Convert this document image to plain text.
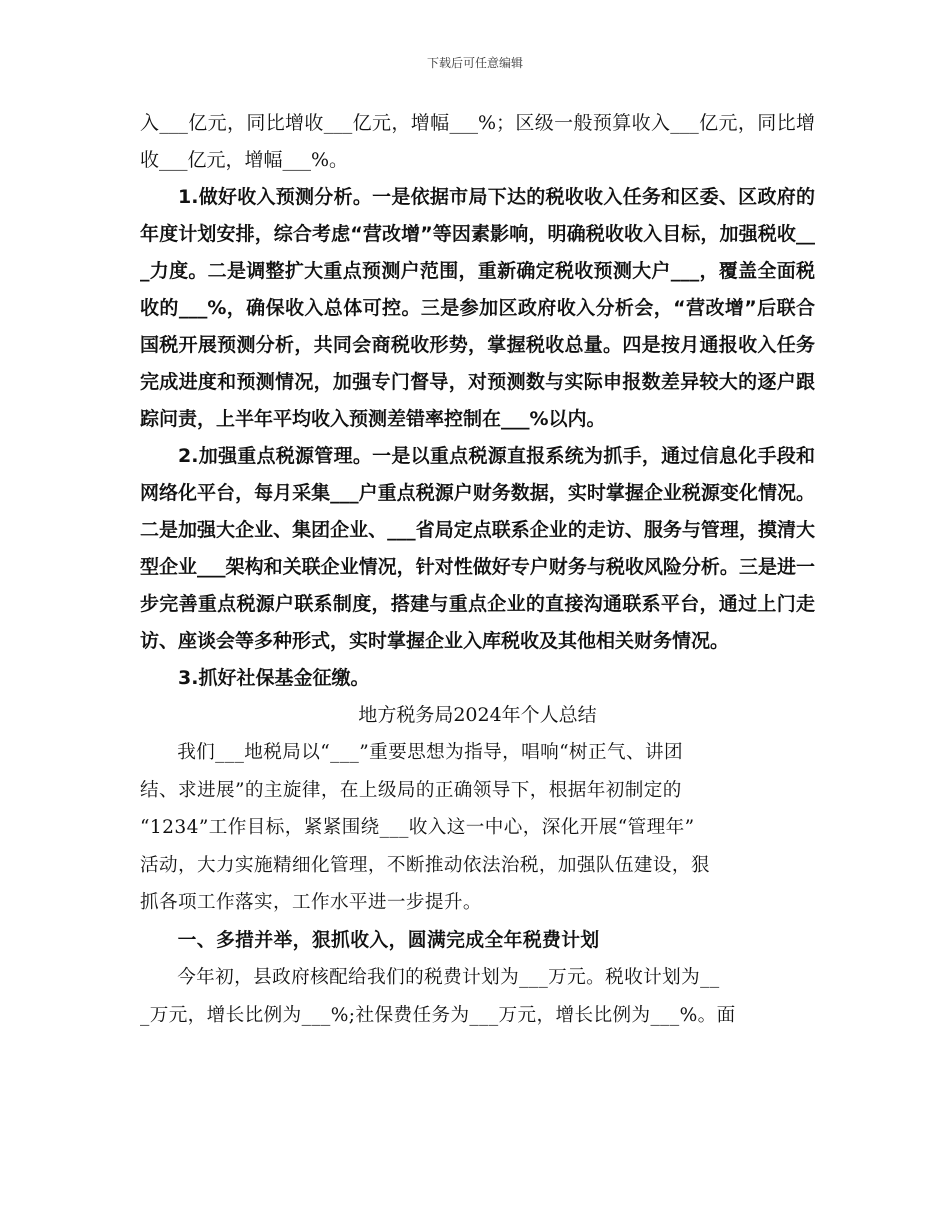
下载后可任意编辑

入___亿元，同比增收___亿元，增幅___%；区级一般预算收入___亿元，同比增收___亿元，增幅___%。

1.做好收入预测分析。一是依据市局下达的税收收入任务和区委、区政府的年度计划安排，综合考虑“营改增”等因素影响，明确税收收入目标，加强税收___力度。二是调整扩大重点预测户范围，重新确定税收预测大户___，覆盖全面税收的___%，确保收入总体可控。三是参加区政府收入分析会，“营改增”后联合国税开展预测分析，共同会商税收形势，掌握税收总量。四是按月通报收入任务完成进度和预测情况，加强专门督导，对预测数与实际申报数差异较大的逐户跟踪问责，上半年平均收入预测差错率控制在___%以内。

2.加强重点税源管理。一是以重点税源直报系统为抓手，通过信息化手段和网络化平台，每月采集___户重点税源户财务数据，实时掌握企业税源变化情况。二是加强大企业、集团企业、___省局定点联系企业的走访、服务与管理，摸清大型企业___架构和关联企业情况，针对性做好专户财务与税收风险分析。三是进一步完善重点税源户联系制度，搭建与重点企业的直接沟通联系平台，通过上门走访、座谈会等多种形式，实时掌握企业入库税收及其他相关财务情况。

3.抓好社保基金征缴。

地方税务局2024年个人总结

我们___地税局以“___”重要思想为指导，唱响“树正气、讲团

结、求进展”的主旋律，在上级局的正确领导下，根据年初制定的

“1234”工作目标，紧紧围绕___收入这一中心，深化开展“管理年”

活动，大力实施精细化管理，不断推动依法治税，加强队伍建设，狠

抓各项工作落实，工作水平进一步提升。

一、多措并举，狠抓收入，圆满完成全年税费计划

今年初，县政府核配给我们的税费计划为___万元。税收计划为__

_万元，增长比例为___%;社保费任务为___万元，增长比例为___%。面
